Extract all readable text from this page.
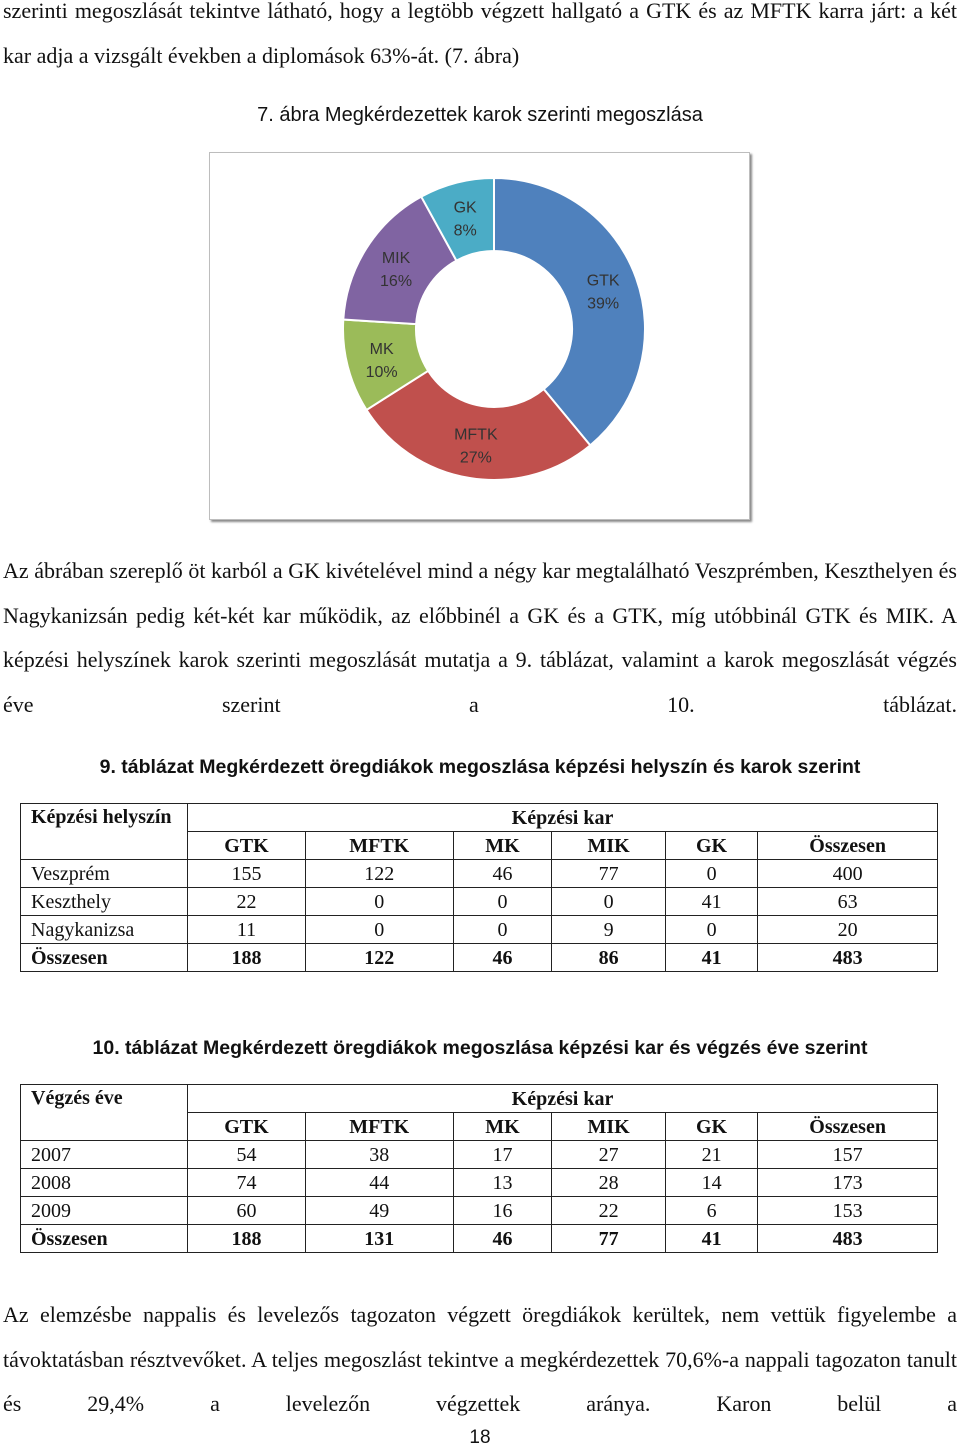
szerinti megoszlását tekintve látható, hogy a legtöbb végzett hallgató a GTK és az MFTK karra járt: a két kar adja a vizsgált években a diplomások 63%-át. (7. ábra)

7. ábra Megkérdezettek karok szerinti megoszlása
GTK
39%
MFTK
27%
MK
10%
MIK
16%
GK
8%

Az ábrában szereplő öt karból a GK kivételével mind a négy kar megtalálható Veszprémben, Keszthelyen és Nagykanizsán pedig két-két kar működik, az előbbinél a GK és a GTK, míg utóbbinál GTK és MIK. A képzési helyszínek karok szerinti megoszlását mutatja a 9. táblázat, valamint a karok megoszlását végzés éve szerint a 10. táblázat.

9. táblázat Megkérdezett öregdiákok megoszlása képzési helyszín és karok szerint
Képzési helyszín	Képzési kar					
	GTK	MFTK	MK	MIK	GK	Összesen
Veszprém	155	122	46	77	0	400
Keszthely	22	0	0	0	41	63
Nagykanizsa	11	0	0	9	0	20
Összesen	188	122	46	86	41	483
10. táblázat Megkérdezett öregdiákok megoszlása képzési kar és végzés éve szerint
Végzés éve	Képzési kar					
	GTK	MFTK	MK	MIK	GK	Összesen
2007	54	38	17	27	21	157
2008	74	44	13	28	14	173
2009	60	49	16	22	6	153
Összesen	188	131	46	77	41	483

Az elemzésbe nappalis és levelezős tagozaton végzett öregdiákok kerültek, nem vettük figyelembe a távoktatásban résztvevőket. A teljes megoszlást tekintve a megkérdezettek 70,6%-a nappali tagozaton tanult és 29,4% a levelezőn végzettek aránya. Karon belül a

18
